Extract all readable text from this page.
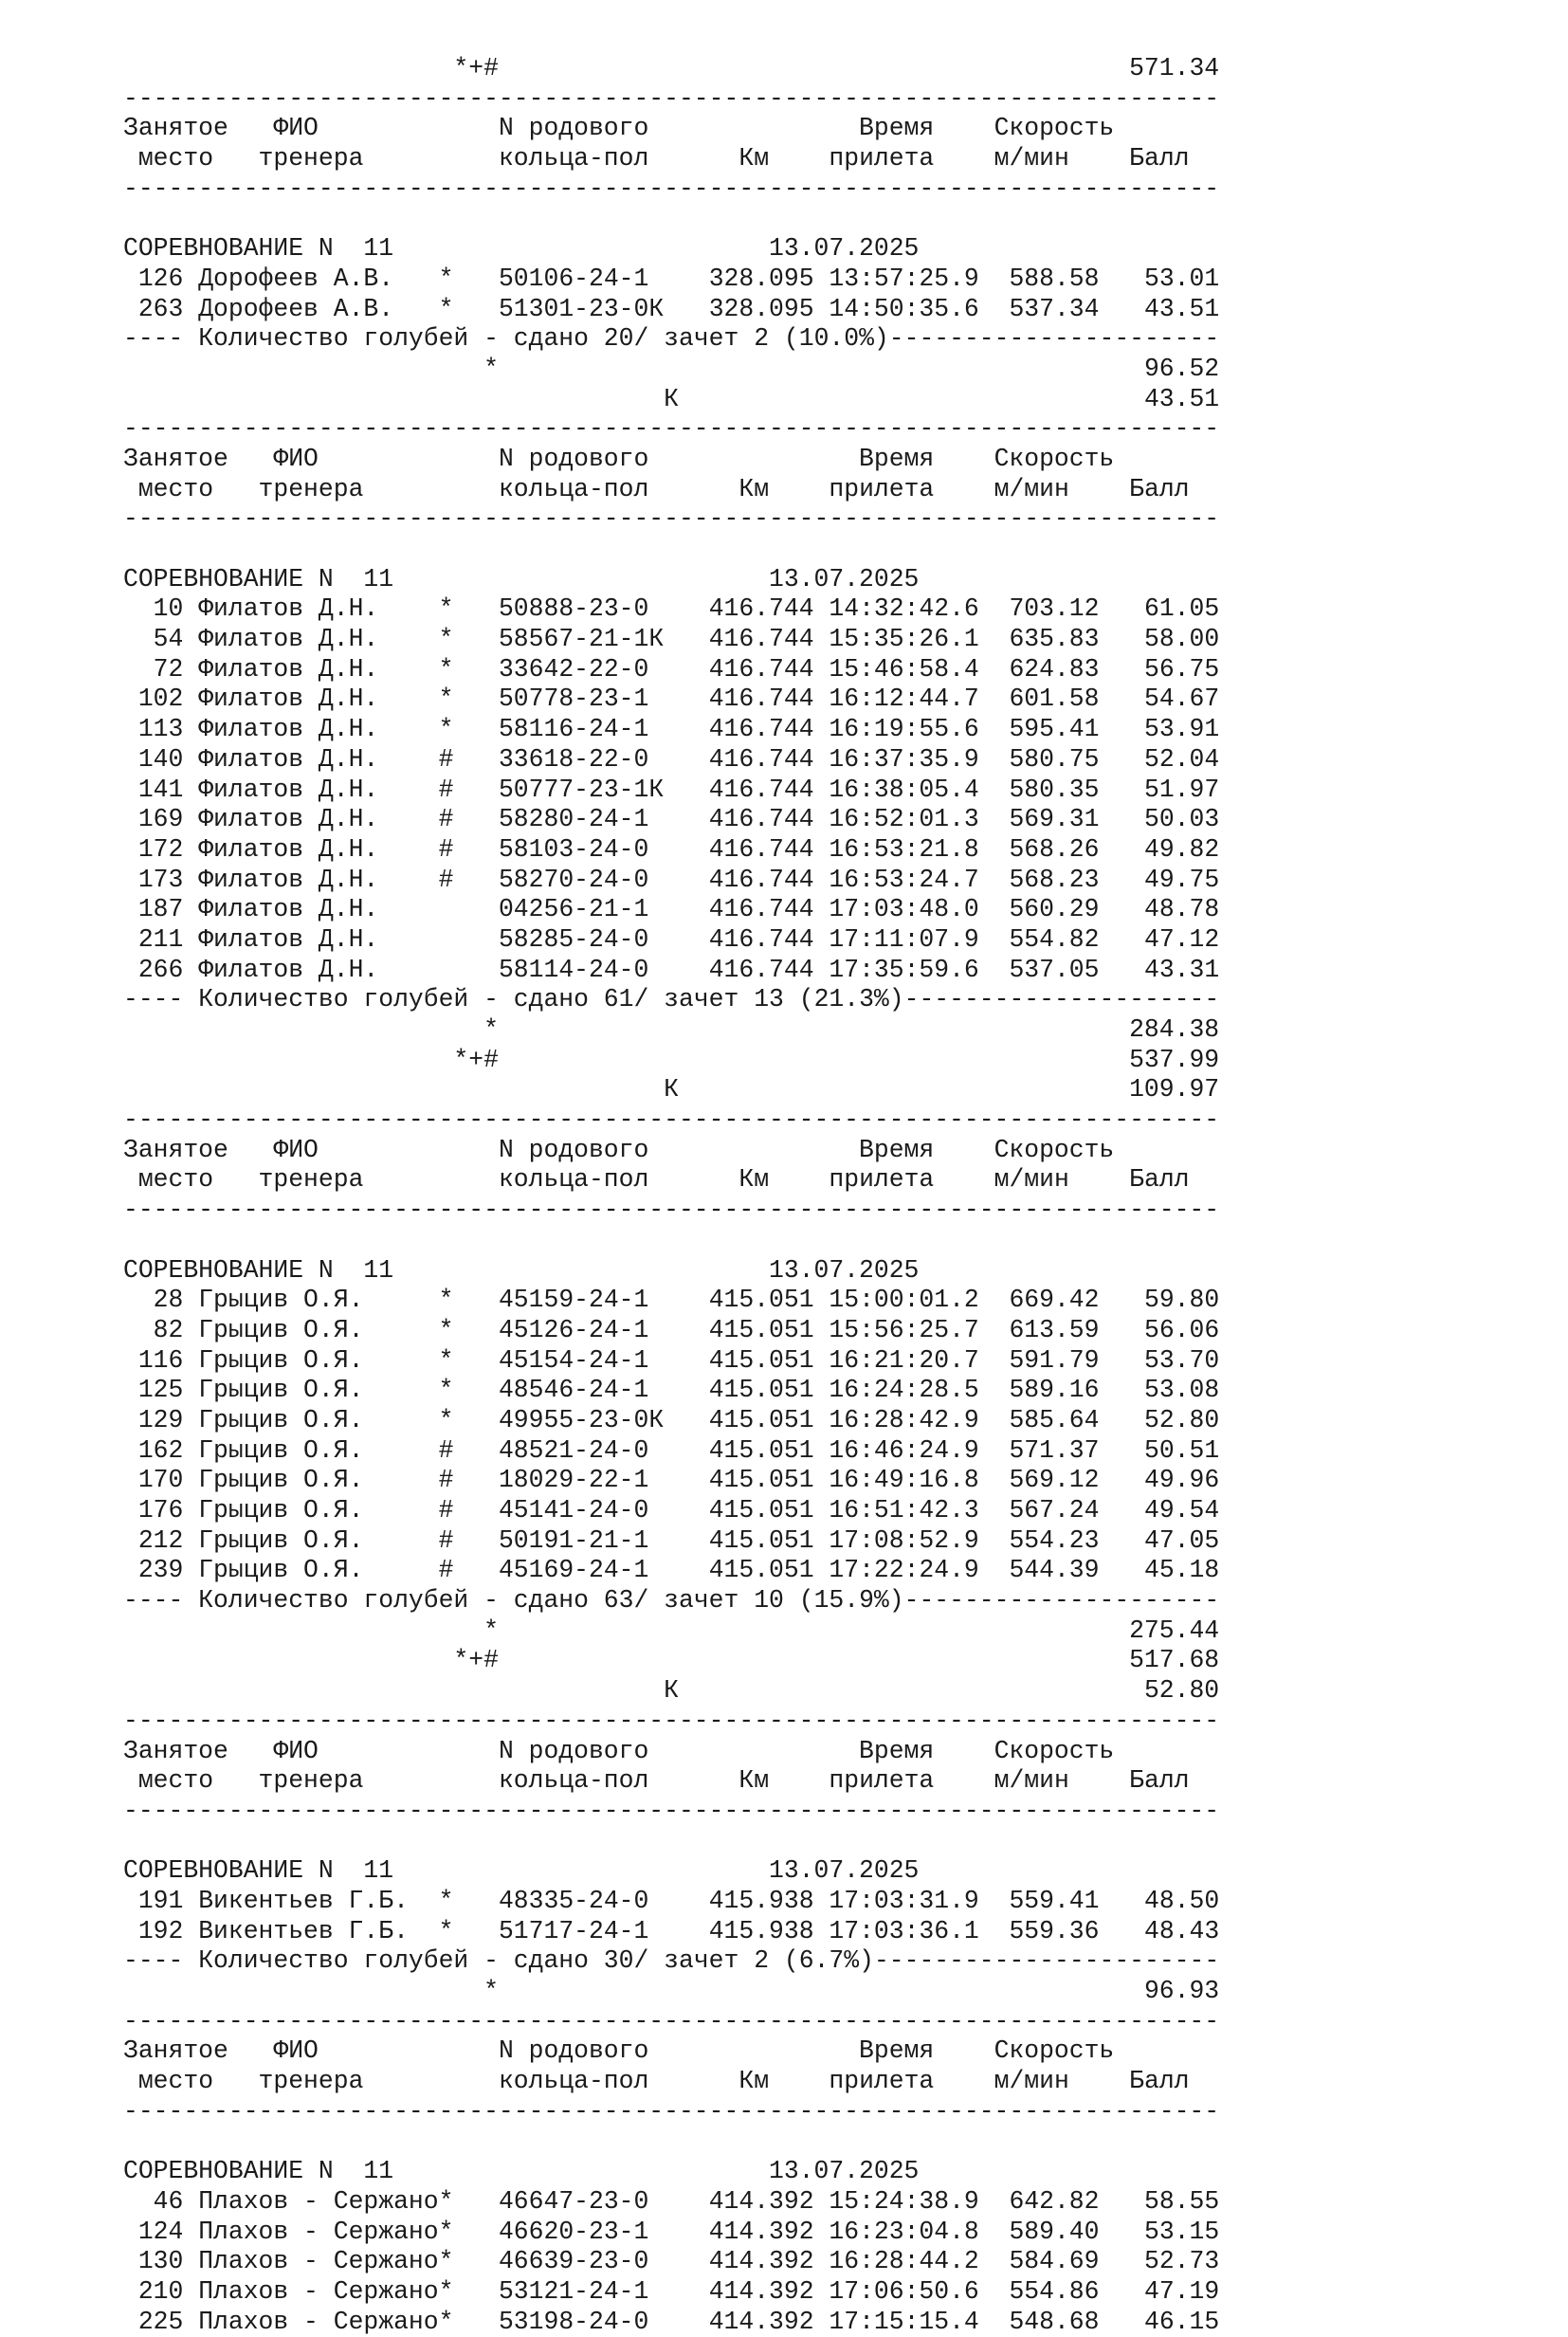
*+#	571.34
-------------------------------------------------------------------------
Занятое ФИО            N родового              Время    Скорость
место   тренера         кольца-пол      Км    прилета    м/мин    Балл
-------------------------------------------------------------------------

СОРЕВНОВАНИЕ N  11                         13.07.2025
126 Дорофеев А.В.   * 50106-24-1    328.095 13:57:25.9 588.58   53.01
263 Дорофеев А.В.   * 51301-23-0К   328.095 14:50:35.6 537.34   43.51
---- Количество голубей - сдано 20/ зачет 2 (10.0%)----------------------
*	96.52
К	43.51
-------------------------------------------------------------------------
Занятое ФИО            N родового              Время    Скорость
место   тренера         кольца-пол      Км    прилета    м/мин    Балл
-------------------------------------------------------------------------

СОРЕВНОВАНИЕ N  11                         13.07.2025
10 Филатов Д.Н.    * 50888-23-0    416.744 14:32:42.6 703.12   61.05
54 Филатов Д.Н.    * 58567-21-1К   416.744 15:35:26.1 635.83   58.00
72 Филатов Д.Н.    * 33642-22-0    416.744 15:46:58.4 624.83   56.75
102 Филатов Д.Н.    * 50778-23-1    416.744 16:12:44.7 601.58   54.67
113 Филатов Д.Н.    * 58116-24-1    416.744 16:19:55.6 595.41   53.91
140 Филатов Д.Н.    # 33618-22-0    416.744 16:37:35.9 580.75   52.04
141 Филатов Д.Н.    # 50777-23-1К   416.744 16:38:05.4 580.35   51.97
169 Филатов Д.Н.    # 58280-24-1    416.744 16:52:01.3 569.31   50.03
172 Филатов Д.Н.    # 58103-24-0    416.744 16:53:21.8 568.26   49.82
173 Филатов Д.Н.    # 58270-24-0    416.744 16:53:24.7 568.23   49.75
187 Филатов Д.Н.        04256-21-1    416.744 17:03:48.0 560.29   48.78
211 Филатов Д.Н.        58285-24-0    416.744 17:11:07.9 554.82   47.12
266 Филатов Д.Н.        58114-24-0    416.744 17:35:59.6 537.05   43.31
---- Количество голубей - сдано 61/ зачет 13 (21.3%)---------------------
*	284.38
*+#	537.99
К	109.97
-------------------------------------------------------------------------
Занятое ФИО            N родового              Время    Скорость
место   тренера         кольца-пол      Км    прилета    м/мин    Балл
-------------------------------------------------------------------------

СОРЕВНОВАНИЕ N  11                         13.07.2025
28 Грыцив О.Я.     * 45159-24-1    415.051 15:00:01.2 669.42   59.80
82 Грыцив О.Я.     * 45126-24-1    415.051 15:56:25.7 613.59   56.06
116 Грыцив О.Я.     * 45154-24-1    415.051 16:21:20.7 591.79   53.70
125 Грыцив О.Я.     * 48546-24-1    415.051 16:24:28.5 589.16   53.08
129 Грыцив О.Я.     * 49955-23-0К   415.051 16:28:42.9 585.64   52.80
162 Грыцив О.Я.     # 48521-24-0    415.051 16:46:24.9 571.37   50.51
170 Грыцив О.Я.     # 18029-22-1    415.051 16:49:16.8 569.12   49.96
176 Грыцив О.Я.     # 45141-24-0    415.051 16:51:42.3 567.24   49.54
212 Грыцив О.Я.     # 50191-21-1    415.051 17:08:52.9 554.23   47.05
239 Грыцив О.Я.     # 45169-24-1    415.051 17:22:24.9 544.39   45.18
---- Количество голубей - сдано 63/ зачет 10 (15.9%)---------------------
*	275.44
*+#	517.68
К	52.80
-------------------------------------------------------------------------
Занятое ФИО            N родового              Время    Скорость
место   тренера         кольца-пол      Км    прилета    м/мин    Балл
-------------------------------------------------------------------------

СОРЕВНОВАНИЕ N  11                         13.07.2025
191 Викентьев Г.Б.  * 48335-24-0    415.938 17:03:31.9 559.41   48.50
192 Викентьев Г.Б.  * 51717-24-1    415.938 17:03:36.1 559.36   48.43
---- Количество голубей - сдано 30/ зачет 2 (6.7%)-----------------------
*	96.93
-------------------------------------------------------------------------
Занятое ФИО            N родового              Время    Скорость
место   тренера         кольца-пол      Км    прилета    м/мин    Балл
-------------------------------------------------------------------------

СОРЕВНОВАНИЕ N  11                         13.07.2025
46 Плахов - Сержано* 46647-23-0    414.392 15:24:38.9 642.82   58.55
124 Плахов - Сержано* 46620-23-1    414.392 16:23:04.8 589.40   53.15
130 Плахов - Сержано* 46639-23-0    414.392 16:28:44.2 584.69   52.73
210 Плахов - Сержано* 53121-24-1    414.392 17:06:50.6 554.86   47.19
225 Плахов - Сержано* 53198-24-0    414.392 17:15:15.4 548.68   46.15
